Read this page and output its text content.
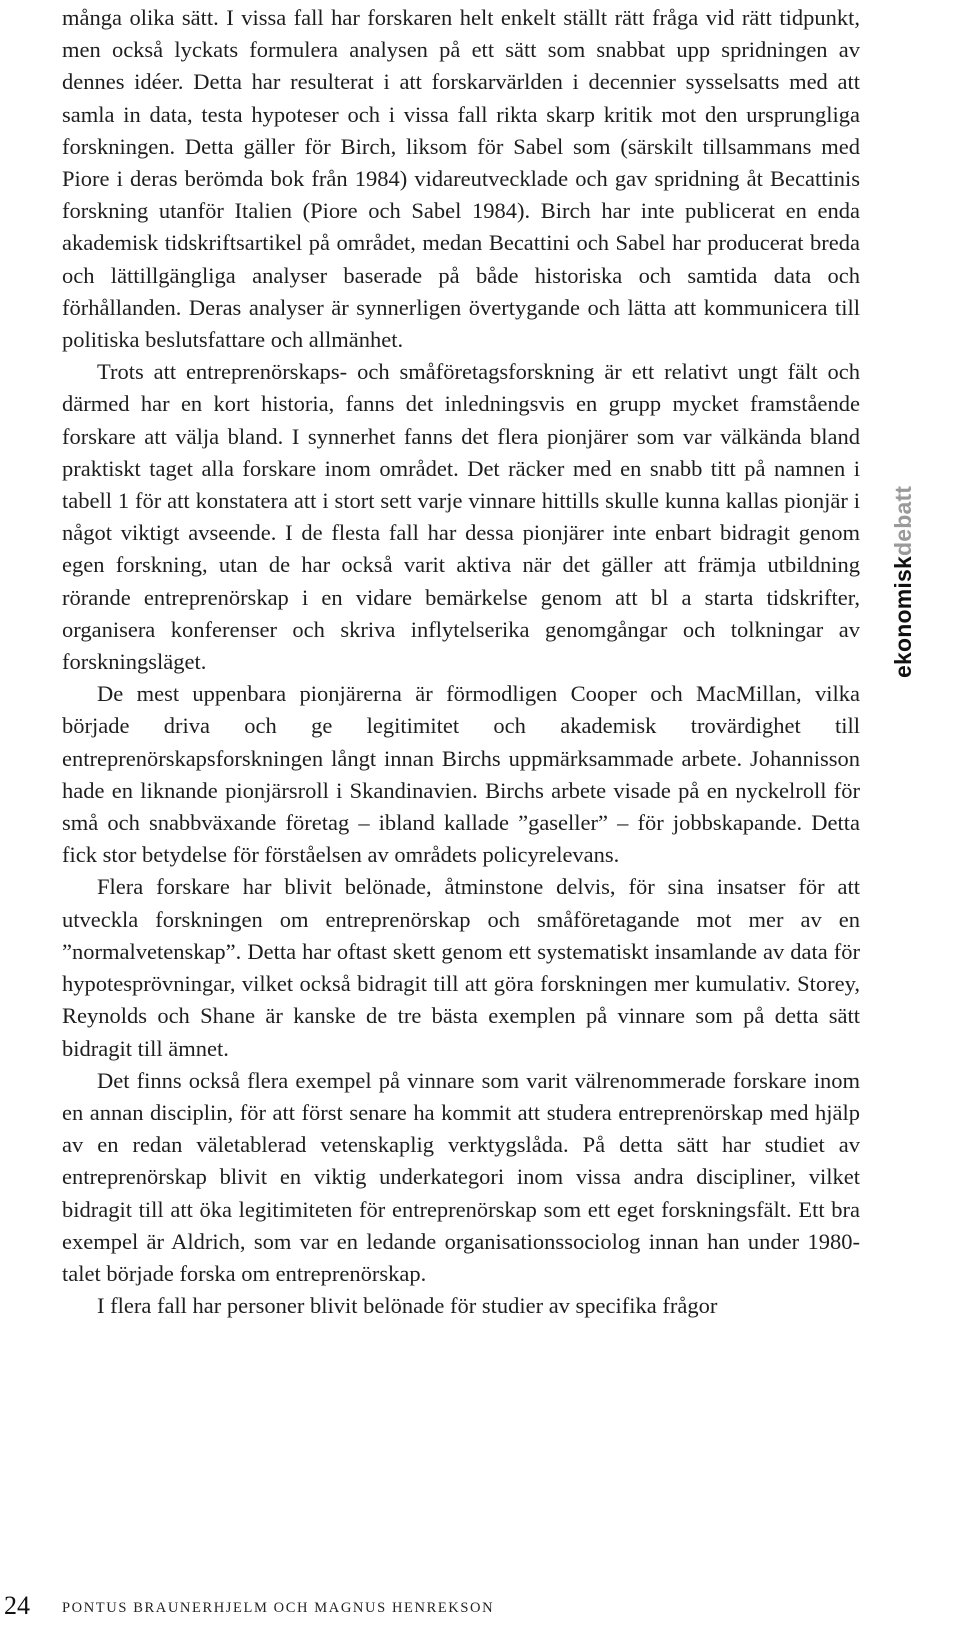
många olika sätt. I vissa fall har forskaren helt enkelt ställt rätt fråga vid rätt tidpunkt, men också lyckats formulera analysen på ett sätt som snabbat upp spridningen av dennes idéer. Detta har resulterat i att forskarvärlden i decennier sysselsatts med att samla in data, testa hypoteser och i vissa fall rikta skarp kritik mot den ursprungliga forskningen. Detta gäller för Birch, liksom för Sabel som (särskilt tillsammans med Piore i deras berömda bok från 1984) vidareutvecklade och gav spridning åt Becattinis forskning utanför Italien (Piore och Sabel 1984). Birch har inte publicerat en enda akademisk tidskriftsartikel på området, medan Becattini och Sabel har producerat breda och lättillgängliga analyser baserade på både historiska och samtida data och förhållanden. Deras analyser är synnerligen övertygande och lätta att kommunicera till politiska beslutsfattare och allmänhet.

Trots att entreprenörskaps- och småföretagsforskning är ett relativt ungt fält och därmed har en kort historia, fanns det inledningsvis en grupp mycket framstående forskare att välja bland. I synnerhet fanns det flera pionjärer som var välkända bland praktiskt taget alla forskare inom området. Det räcker med en snabb titt på namnen i tabell 1 för att konstatera att i stort sett varje vinnare hittills skulle kunna kallas pionjär i något viktigt avseende. I de flesta fall har dessa pionjärer inte enbart bidragit genom egen forskning, utan de har också varit aktiva när det gäller att främja utbildning rörande entreprenörskap i en vidare bemärkelse genom att bl a starta tidskrifter, organisera konferenser och skriva inflytelserika genomgångar och tolkningar av forskningsläget.

De mest uppenbara pionjärerna är förmodligen Cooper och MacMillan, vilka började driva och ge legitimitet och akademisk trovärdighet till entreprenörskapsforskningen långt innan Birchs uppmärksammade arbete. Johannisson hade en liknande pionjärsroll i Skandinavien. Birchs arbete visade på en nyckelroll för små och snabbväxande företag – ibland kallade ”gaseller” – för jobbskapande. Detta fick stor betydelse för förståelsen av områdets policyrelevans.

Flera forskare har blivit belönade, åtminstone delvis, för sina insatser för att utveckla forskningen om entreprenörskap och småföretagande mot mer av en ”normalvetenskap”. Detta har oftast skett genom ett systematiskt insamlande av data för hypotesprövningar, vilket också bidragit till att göra forskningen mer kumulativ. Storey, Reynolds och Shane är kanske de tre bästa exemplen på vinnare som på detta sätt bidragit till ämnet.

Det finns också flera exempel på vinnare som varit välrenommerade forskare inom en annan disciplin, för att först senare ha kommit att studera entreprenörskap med hjälp av en redan väletablerad vetenskaplig verktygslåda. På detta sätt har studiet av entreprenörskap blivit en viktig underkategori inom vissa andra discipliner, vilket bidragit till att öka legitimiteten för entreprenörskap som ett eget forskningsfält. Ett bra exempel är Aldrich, som var en ledande organisationssociolog innan han under 1980-talet började forska om entreprenörskap.

I flera fall har personer blivit belönade för studier av specifika frågor

ekonomiskdebatt
24 PONTUS BRAUNERHJELM OCH MAGNUS HENREKSON
